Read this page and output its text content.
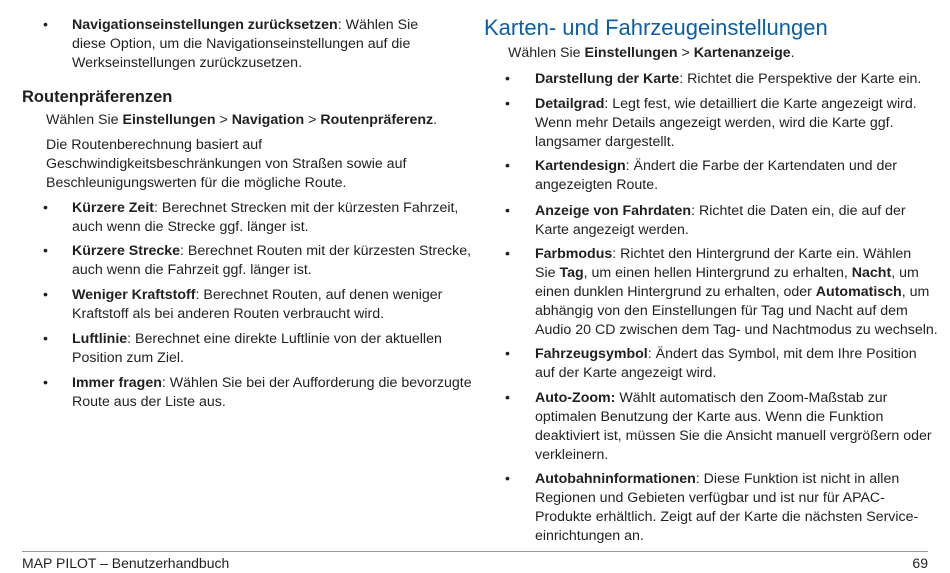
• Navigationseinstellungen zurücksetzen: Wählen Sie
diese Option, um die Navigationseinstellungen auf die
Werkseinstellungen zurückzusetzen.
Routenpräferenzen
Wählen Sie Einstellungen > Navigation > Routenpräferenz.
Die Routenberechnung basiert auf
Geschwindigkeitsbeschränkungen von Straßen sowie auf
Beschleunigungswerten für die mögliche Route.
• Kürzere Zeit: Berechnet Strecken mit der kürzesten Fahrzeit,
auch wenn die Strecke ggf. länger ist.
• Kürzere Strecke: Berechnet Routen mit der kürzesten Strecke,
auch wenn die Fahrzeit ggf. länger ist.
• Weniger Kraftstoff: Berechnet Routen, auf denen weniger
Kraftstoff als bei anderen Routen verbraucht wird.
• Luftlinie: Berechnet eine direkte Luftlinie von der aktuellen
Position zum Ziel.
• Immer fragen: Wählen Sie bei der Aufforderung die bevorzugte
Route aus der Liste aus.
Karten- und Fahrzeugeinstellungen
Wählen Sie Einstellungen > Kartenanzeige.
• Darstellung der Karte: Richtet die Perspektive der Karte ein.
• Detailgrad: Legt fest, wie detailliert die Karte angezeigt wird.
Wenn mehr Details angezeigt werden, wird die Karte ggf.
langsamer dargestellt.
• Kartendesign: Ändert die Farbe der Kartendaten und der
angezeigten Route.
• Anzeige von Fahrdaten: Richtet die Daten ein, die auf der
Karte angezeigt werden.
• Farbmodus: Richtet den Hintergrund der Karte ein. Wählen
Sie Tag, um einen hellen Hintergrund zu erhalten, Nacht, um
einen dunklen Hintergrund zu erhalten, oder Automatisch, um
abhängig von den Einstellungen für Tag und Nacht auf dem
Audio 20 CD zwischen dem Tag- und Nachtmodus zu wechseln.
• Fahrzeugsymbol: Ändert das Symbol, mit dem Ihre Position
auf der Karte angezeigt wird.
• Auto-Zoom: Wählt automatisch den Zoom-Maßstab zur
optimalen Benutzung der Karte aus. Wenn die Funktion
deaktiviert ist, müssen Sie die Ansicht manuell vergrößern oder
verkleinern.
• Autobahninformationen: Diese Funktion ist nicht in allen
Regionen und Gebieten verfügbar und ist nur für APAC-
Produkte erhältlich. Zeigt auf der Karte die nächsten Service-
einrichtungen an.
MAP PILOT – Benutzerhandbuch	69
